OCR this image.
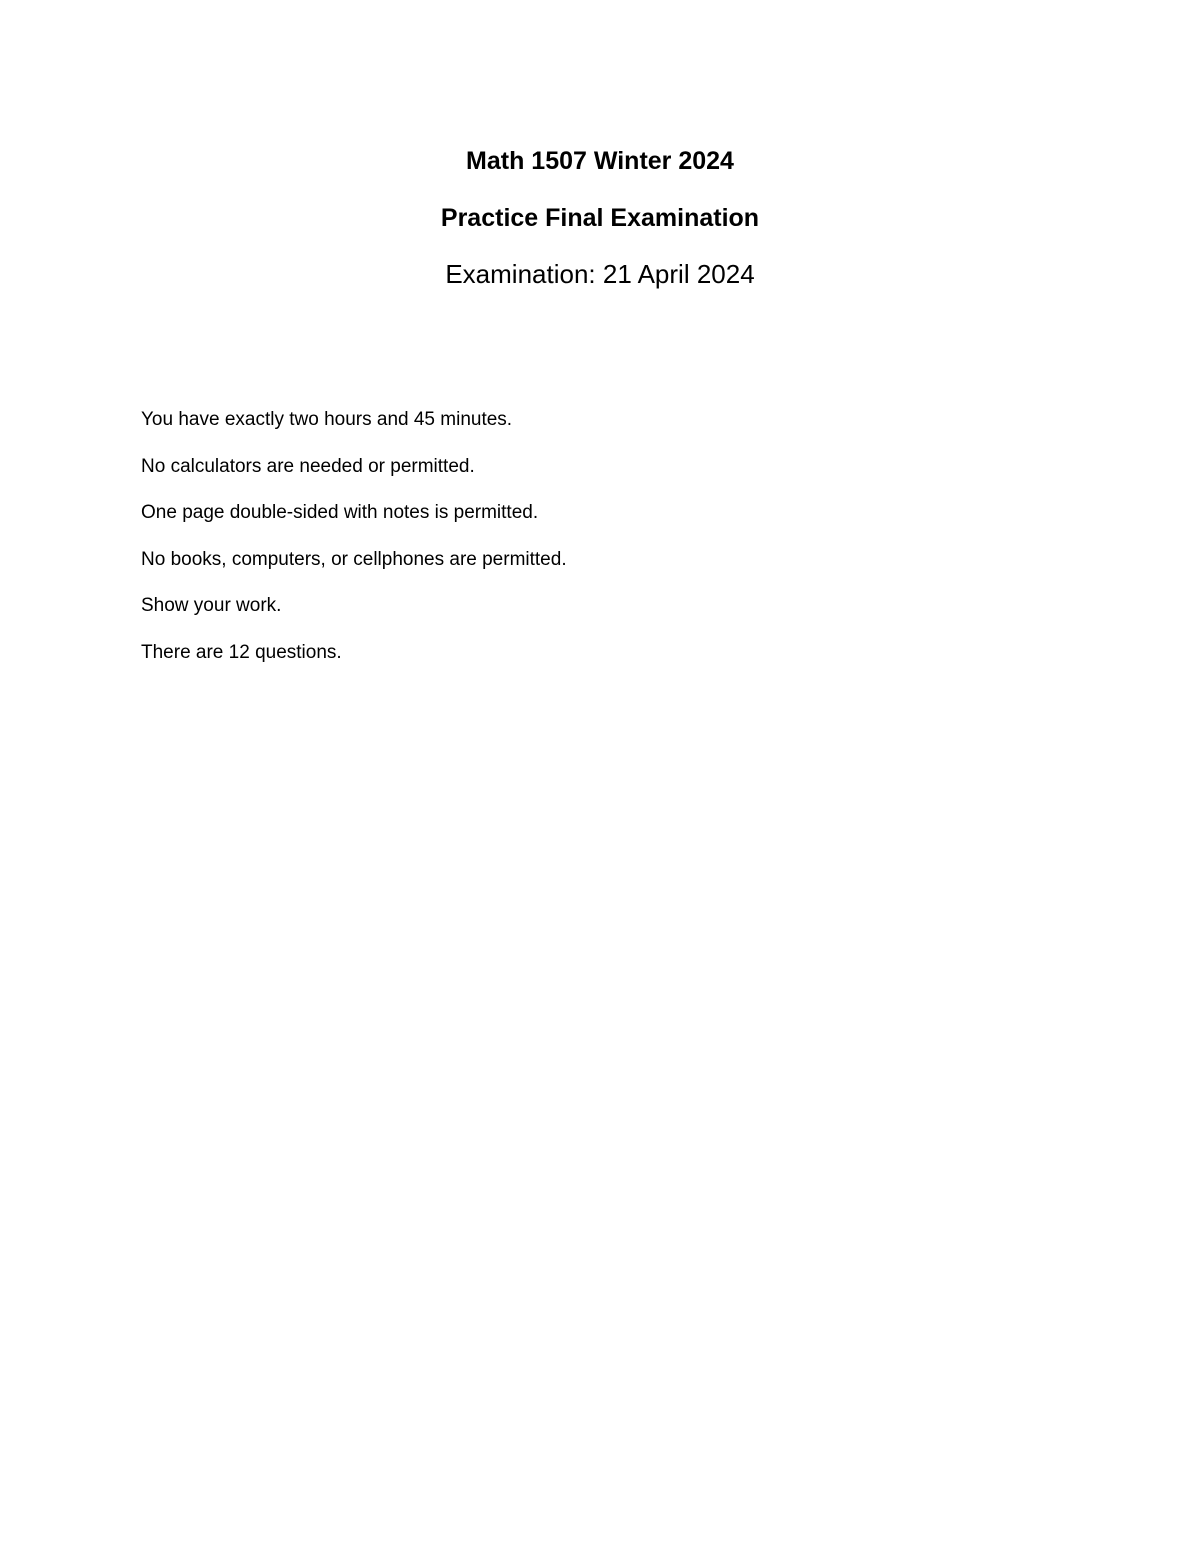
Math 1507 Winter 2024
Practice Final Examination
Examination: 21 April 2024
You have exactly two hours and 45 minutes.
No calculators are needed or permitted.
One page double-sided with notes is permitted.
No books, computers, or cellphones are permitted.
Show your work.
There are 12 questions.
